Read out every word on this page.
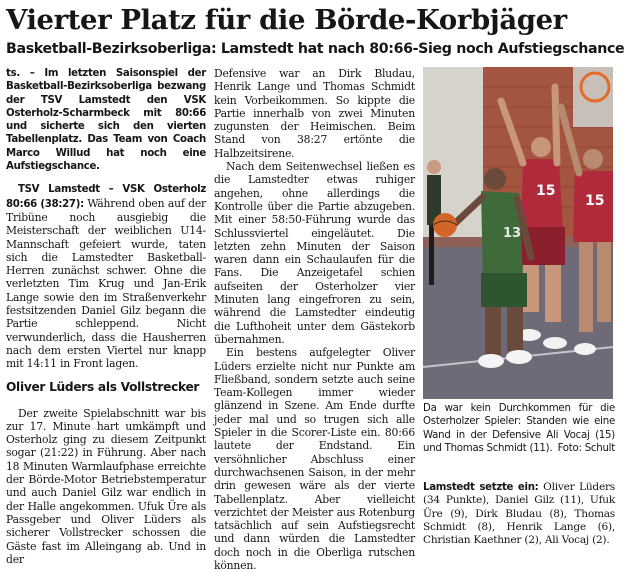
Vierter Platz für die Börde-Korbjäger
Basketball-Bezirksoberliga: Lamstedt hat nach 80:66-Sieg noch Aufstiegschance

ts. – Im letzten Saisonspiel der Basketball-Bezirksoberliga bezwang der TSV Lamstedt den VSK Osterholz-Scharmbeck mit 80:66 und sicherte sich den vierten Tabellenplatz. Das Team von Coach Marco Willud hat noch eine Aufstiegschance.

TSV Lamstedt – VSK Osterholz 80:66 (38:27): Während oben auf der Tribüne noch ausgiebig die Meisterschaft der weiblichen U14-Mannschaft gefeiert wurde, taten sich die Lamstedter Basketball-Herren zunächst schwer. Ohne die verletzten Tim Krug und Jan-Erik Lange sowie den im Straßenverkehr festsitzenden Daniel Gilz begann die Partie schleppend. Nicht verwunderlich, dass die Hausherren nach dem ersten Viertel nur knapp mit 14:11 in Front lagen.

Oliver Lüders als Vollstrecker

Der zweite Spielabschnitt war bis zur 17. Minute hart umkämpft und Osterholz ging zu diesem Zeitpunkt sogar (21:22) in Führung. Aber nach 18 Minuten Warmlaufphase erreichte der Börde-Motor Betriebstemperatur und auch Daniel Gilz war endlich in der Halle angekommen. Ufuk Üre als Passgeber und Oliver Lüders als sicherer Vollstrecker schossen die Gäste fast im Alleingang ab. Und in der

Defensive war an Dirk Bludau, Henrik Lange und Thomas Schmidt kein Vorbeikommen. So kippte die Partie innerhalb von zwei Minuten zugunsten der Heimischen. Beim Stand von 38:27 ertönte die Halbzeitsirene.

Nach dem Seitenwechsel ließen es die Lamstedter etwas ruhiger angehen, ohne allerdings die Kontrolle über die Partie abzugeben. Mit einer 58:50-Führung wurde das Schlussviertel eingeläutet. Die letzten zehn Minuten der Saison waren dann ein Schaulaufen für die Fans. Die Anzeigetafel schien aufseiten der Osterholzer vier Minuten lang eingefroren zu sein, während die Lamstedter eindeutig die Lufthoheit unter dem Gästekorb übernahmen.

Ein bestens aufgelegter Oliver Lüders erzielte nicht nur Punkte am Fließband, sondern setzte auch seine Team-Kollegen immer wieder glänzend in Szene. Am Ende durfte jeder mal und so trugen sich alle Spieler in die Scorer-Liste ein. 80:66 lautete der Endstand. Ein versöhnlicher Abschluss einer durchwachsenen Saison, in der mehr drin gewesen wäre als der vierte Tabellenplatz. Aber vielleicht verzichtet der Meister aus Rotenburg tatsächlich auf sein Aufstiegsrecht und dann würden die Lamstedter doch noch in die Oberliga rutschen können.

15
15
13
Da war kein Durchkommen für die Osterholzer Spieler: Standen wie eine Wand in der Defensive Ali Vocaj (15) und Thomas Schmidt (11). Foto: Schult
Lamstedt setzte ein: Oliver Lüders (34 Punkte), Daniel Gilz (11), Ufuk Üre (9), Dirk Bludau (8), Thomas Schmidt (8), Henrik Lange (6), Christian Kaethner (2), Ali Vocaj (2).
